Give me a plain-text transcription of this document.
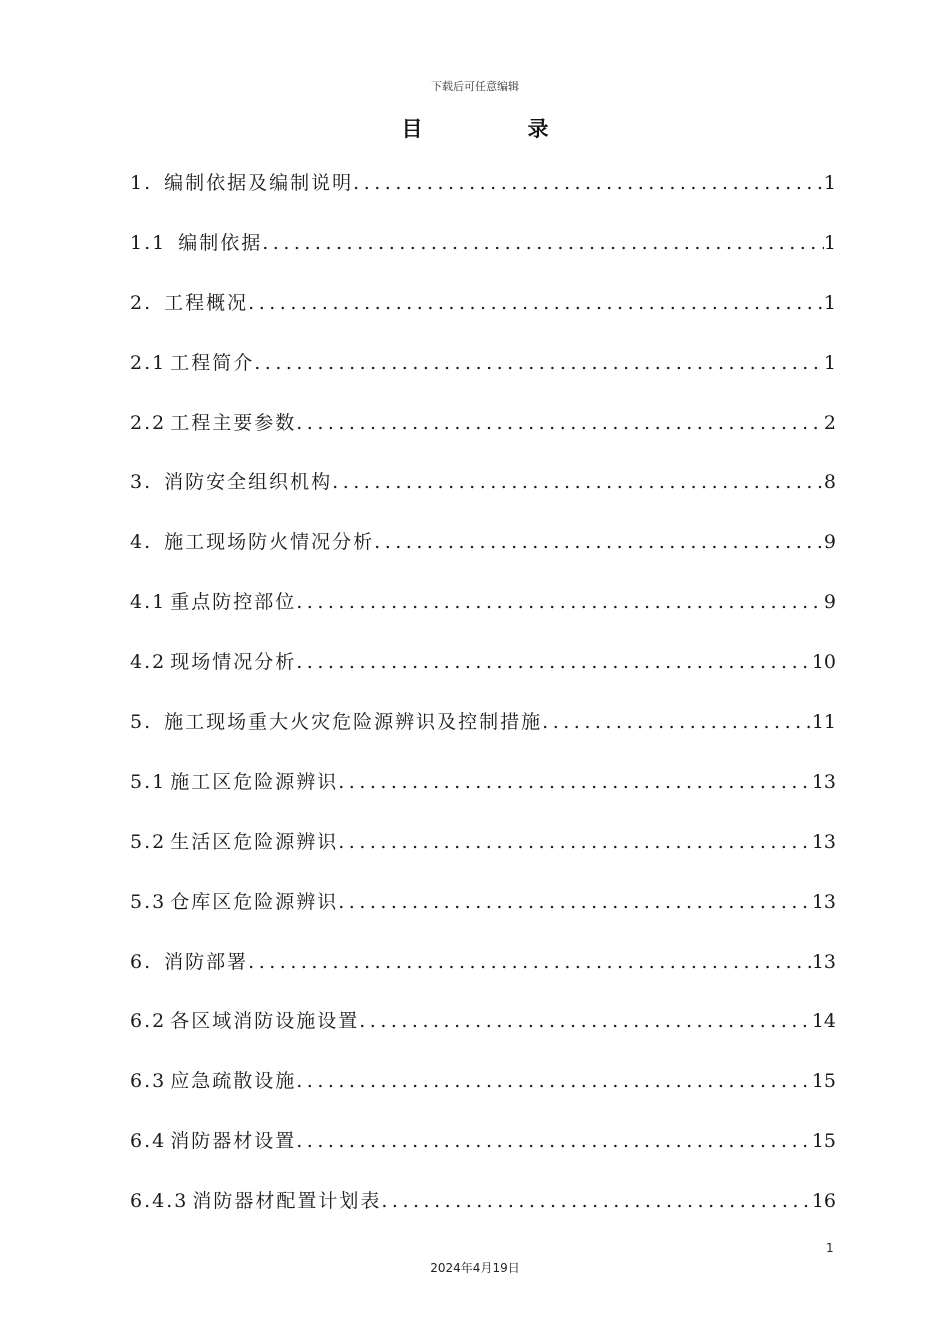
下载后可任意编辑
目　录
1. 编制依据及编制说明 .....	1
1.1 编制依据 .....	1
2. 工程概况 .....	1
2.1 工程简介 .....	1
2.2 工程主要参数 .....	2
3. 消防安全组织机构 .....	8
4. 施工现场防火情况分析 .....	9
4.1 重点防控部位 .....	9
4.2 现场情况分析 .....	10
5. 施工现场重大火灾危险源辨识及控制措施 .....	11
5.1 施工区危险源辨识 .....	13
5.2 生活区危险源辨识 .....	13
5.3 仓库区危险源辨识 .....	13
6. 消防部署 .....	13
6.2 各区域消防设施设置 .....	14
6.3 应急疏散设施 .....	15
6.4 消防器材设置 .....	15
6.4.3 消防器材配置计划表 .....	16
1
2024年4月19日
